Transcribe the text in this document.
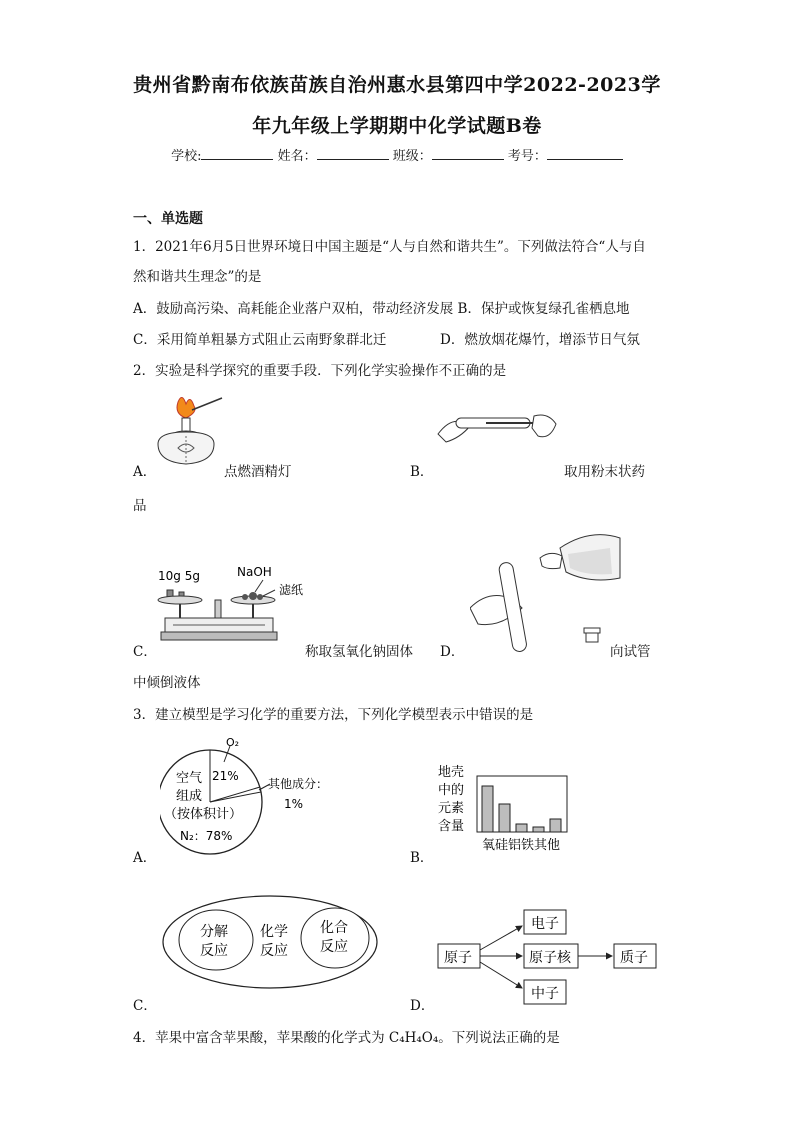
贵州省黔南布依族苗族自治州惠水县第四中学2022-2023学
年九年级上学期期中化学试题B卷
学校:	姓名：	班级：	考号：
一、单选题
1．2021年6月5日世界环境日中国主题是“人与自然和谐共生”。下列做法符合“人与自
然和谐共生理念”的是
A．鼓励高污染、高耗能企业落户双柏，带动经济发展 B．保护或恢复绿孔雀栖息地
C．采用简单粗暴方式阻止云南野象群北迁	D．燃放烟花爆竹，增添节日气氛
2．实验是科学探究的重要手段．下列化学实验操作不正确的是
A．	点燃酒精灯	B．	取用粉末状药
品
10g 5g	NaOH
滤纸
C．	称取氢氧化钠固体 D．	向试管
中倾倒液体
3．建立模型是学习化学的重要方法，下列化学模型表示中错误的是
O₂
21%
其他成分：
1%
空气
组成
（按体积计）
N₂：78%
A．
地壳
中的
元素
含量
氧硅铝铁其他
B．
分解
反应
化学
反应
化合
反应
C．
原子
电子
原子核
中子
质子
D．
4．苹果中富含苹果酸，苹果酸的化学式为 C₄H₄O₄。下列说法正确的是
